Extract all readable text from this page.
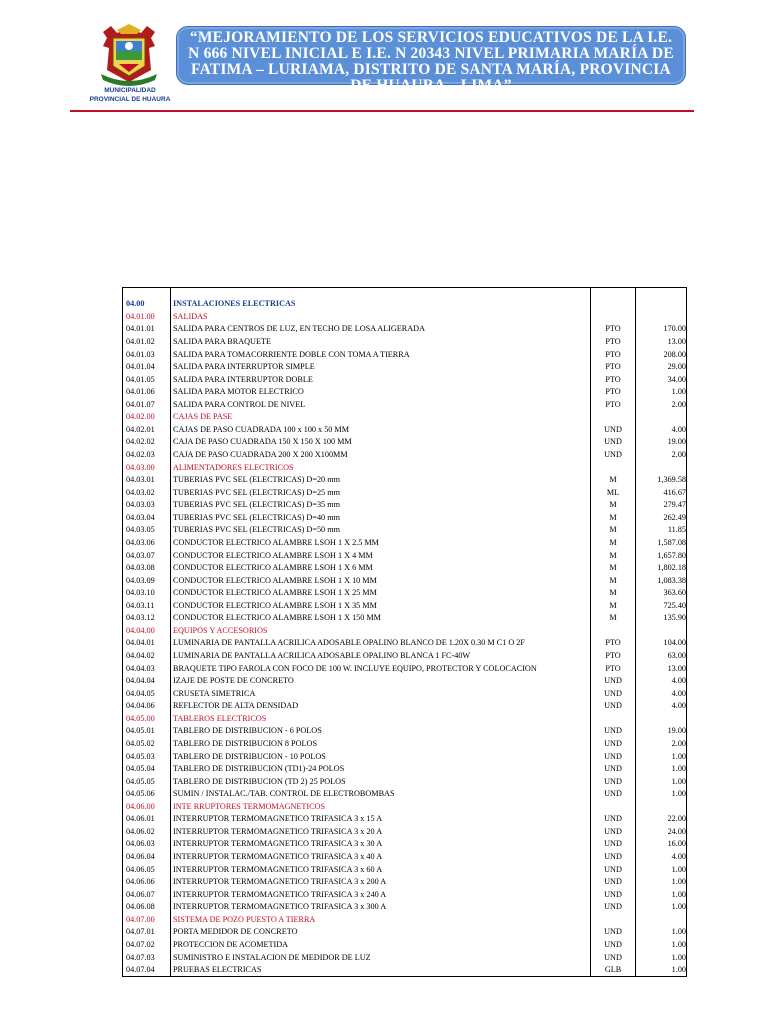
MUNICIPALIDAD
PROVINCIAL DE HUAURA
“MEJORAMIENTO DE LOS SERVICIOS EDUCATIVOS DE LA I.E. N 666 NIVEL INICIAL E I.E. N 20343 NIVEL PRIMARIA MARÍA DE FATIMA – LURIAMA, DISTRITO DE SANTA MARÍA, PROVINCIA DE HUAURA – LIMA”

04.00	INSTALACIONES ELECTRICAS		
04.01.00	SALIDAS		
04.01.01	SALIDA PARA CENTROS DE LUZ, EN TECHO DE LOSA ALIGERADA	PTO	170.00
04.01.02	SALIDA PARA BRAQUETE	PTO	13.00
04.01.03	SALIDA PARA TOMACORRIENTE DOBLE CON TOMA A TIERRA	PTO	208.00
04.01.04	SALIDA PARA INTERRUPTOR SIMPLE	PTO	29.00
04.01.05	SALIDA PARA INTERRUPTOR DOBLE	PTO	34.00
04.01.06	SALIDA PARA MOTOR ELECTRICO	PTO	1.00
04.01.07	SALIDA PARA CONTROL DE NIVEL	PTO	2.00
04.02.00	CAJAS DE PASE		
04.02.01	CAJAS DE PASO CUADRADA 100 x 100 x 50 MM	UND	4.00
04.02.02	CAJA DE PASO CUADRADA 150 X 150 X 100 MM	UND	19.00
04.02.03	CAJA DE PASO CUADRADA 200 X 200 X100MM	UND	2.00
04.03.00	ALIMENTADORES ELECTRICOS		
04.03.01	TUBERIAS PVC SEL (ELECTRICAS) D=20 mm	M	1,369.58
04.03.02	TUBERIAS PVC SEL (ELECTRICAS) D=25 mm	ML	416.67
04.03.03	TUBERIAS PVC SEL (ELECTRICAS) D=35 mm	M	279.47
04.03.04	TUBERIAS PVC SEL (ELECTRICAS) D=40 mm	M	262.49
04.03.05	TUBERIAS PVC SEL (ELECTRICAS) D=50 mm	M	11.85
04.03.06	CONDUCTOR ELECTRICO ALAMBRE LSOH 1 X 2.5 MM	M	1,587.08
04.03.07	CONDUCTOR ELECTRICO ALAMBRE LSOH 1 X 4 MM	M	1,657.80
04.03.08	CONDUCTOR ELECTRICO ALAMBRE LSOH 1 X 6 MM	M	1,802.18
04.03.09	CONDUCTOR ELECTRICO ALAMBRE LSOH 1 X 10 MM	M	1,083.38
04.03.10	CONDUCTOR ELECTRICO ALAMBRE LSOH 1 X 25 MM	M	363.60
04.03.11	CONDUCTOR ELECTRICO ALAMBRE LSOH 1 X 35 MM	M	725.40
04.03.12	CONDUCTOR ELECTRICO ALAMBRE LSOH 1 X 150 MM	M	135.90
04.04.00	EQUIPOS Y ACCESORIOS		
04.04.01	LUMINARIA DE PANTALLA ACRILICA ADOSABLE OPALINO BLANCO DE 1.20X 0.30 M C1 O 2F	PTO	104.00
04.04.02	LUMINARIA DE PANTALLA ACRILICA ADOSABLE OPALINO BLANCA 1 FC-40W	PTO	63.00
04.04.03	BRAQUETE TIPO FAROLA CON FOCO DE 100 W. INCLUYE EQUIPO, PROTECTOR Y COLOCACION	PTO	13.00
04.04.04	IZAJE DE POSTE DE CONCRETO	UND	4.00
04.04.05	CRUSETA SIMETRICA	UND	4.00
04.04.06	REFLECTOR DE ALTA DENSIDAD	UND	4.00
04.05.00	TABLEROS ELECTRICOS		
04.05.01	TABLERO DE DISTRIBUCION - 6 POLOS	UND	19.00
04.05.02	TABLERO DE DISTRIBUCION 8 POLOS	UND	2.00
04.05.03	TABLERO DE DISTRIBUCION - 10 POLOS	UND	1.00
04.05.04	TABLERO DE DISTRIBUCION (TD1)-24 POLOS	UND	1.00
04.05.05	TABLERO DE DISTRIBUCION (TD 2) 25 POLOS	UND	1.00
04.05.06	SUMIN / INSTALAC./TAB. CONTROL DE ELECTROBOMBAS	UND	1.00
04.06.00	INTE RRUPTORES TERMOMAGNETICOS		
04.06.01	INTERRUPTOR TERMOMAGNETICO TRIFASICA 3 x 15 A	UND	22.00
04.06.02	INTERRUPTOR TERMOMAGNETICO TRIFASICA 3 x 20 A	UND	24.00
04.06.03	INTERRUPTOR TERMOMAGNETICO TRIFASICA 3 x 30 A	UND	16.00
04.06.04	INTERRUPTOR TERMOMAGNETICO TRIFASICA 3 x 40 A	UND	4.00
04.06.05	INTERRUPTOR TERMOMAGNETICO TRIFASICA 3 x 60 A	UND	1.00
04.06.06	INTERRUPTOR TERMOMAGNETICO TRIFASICA 3 x 200 A	UND	1.00
04.06.07	INTERRUPTOR TERMOMAGNETICO TRIFASICA 3 x 240 A	UND	1.00
04.06.08	INTERRUPTOR TERMOMAGNETICO TRIFASICA 3 x 300 A	UND	1.00
04.07.00	SISTEMA DE POZO PUESTO A TIERRA		
04.07.01	PORTA MEDIDOR DE CONCRETO	UND	1.00
04.07.02	PROTECCION DE ACOMETIDA	UND	1.00
04.07.03	SUMINISTRO E INSTALACION DE MEDIDOR DE LUZ	UND	1.00
04.07.04	PRUEBAS ELECTRICAS	GLB	1.00
